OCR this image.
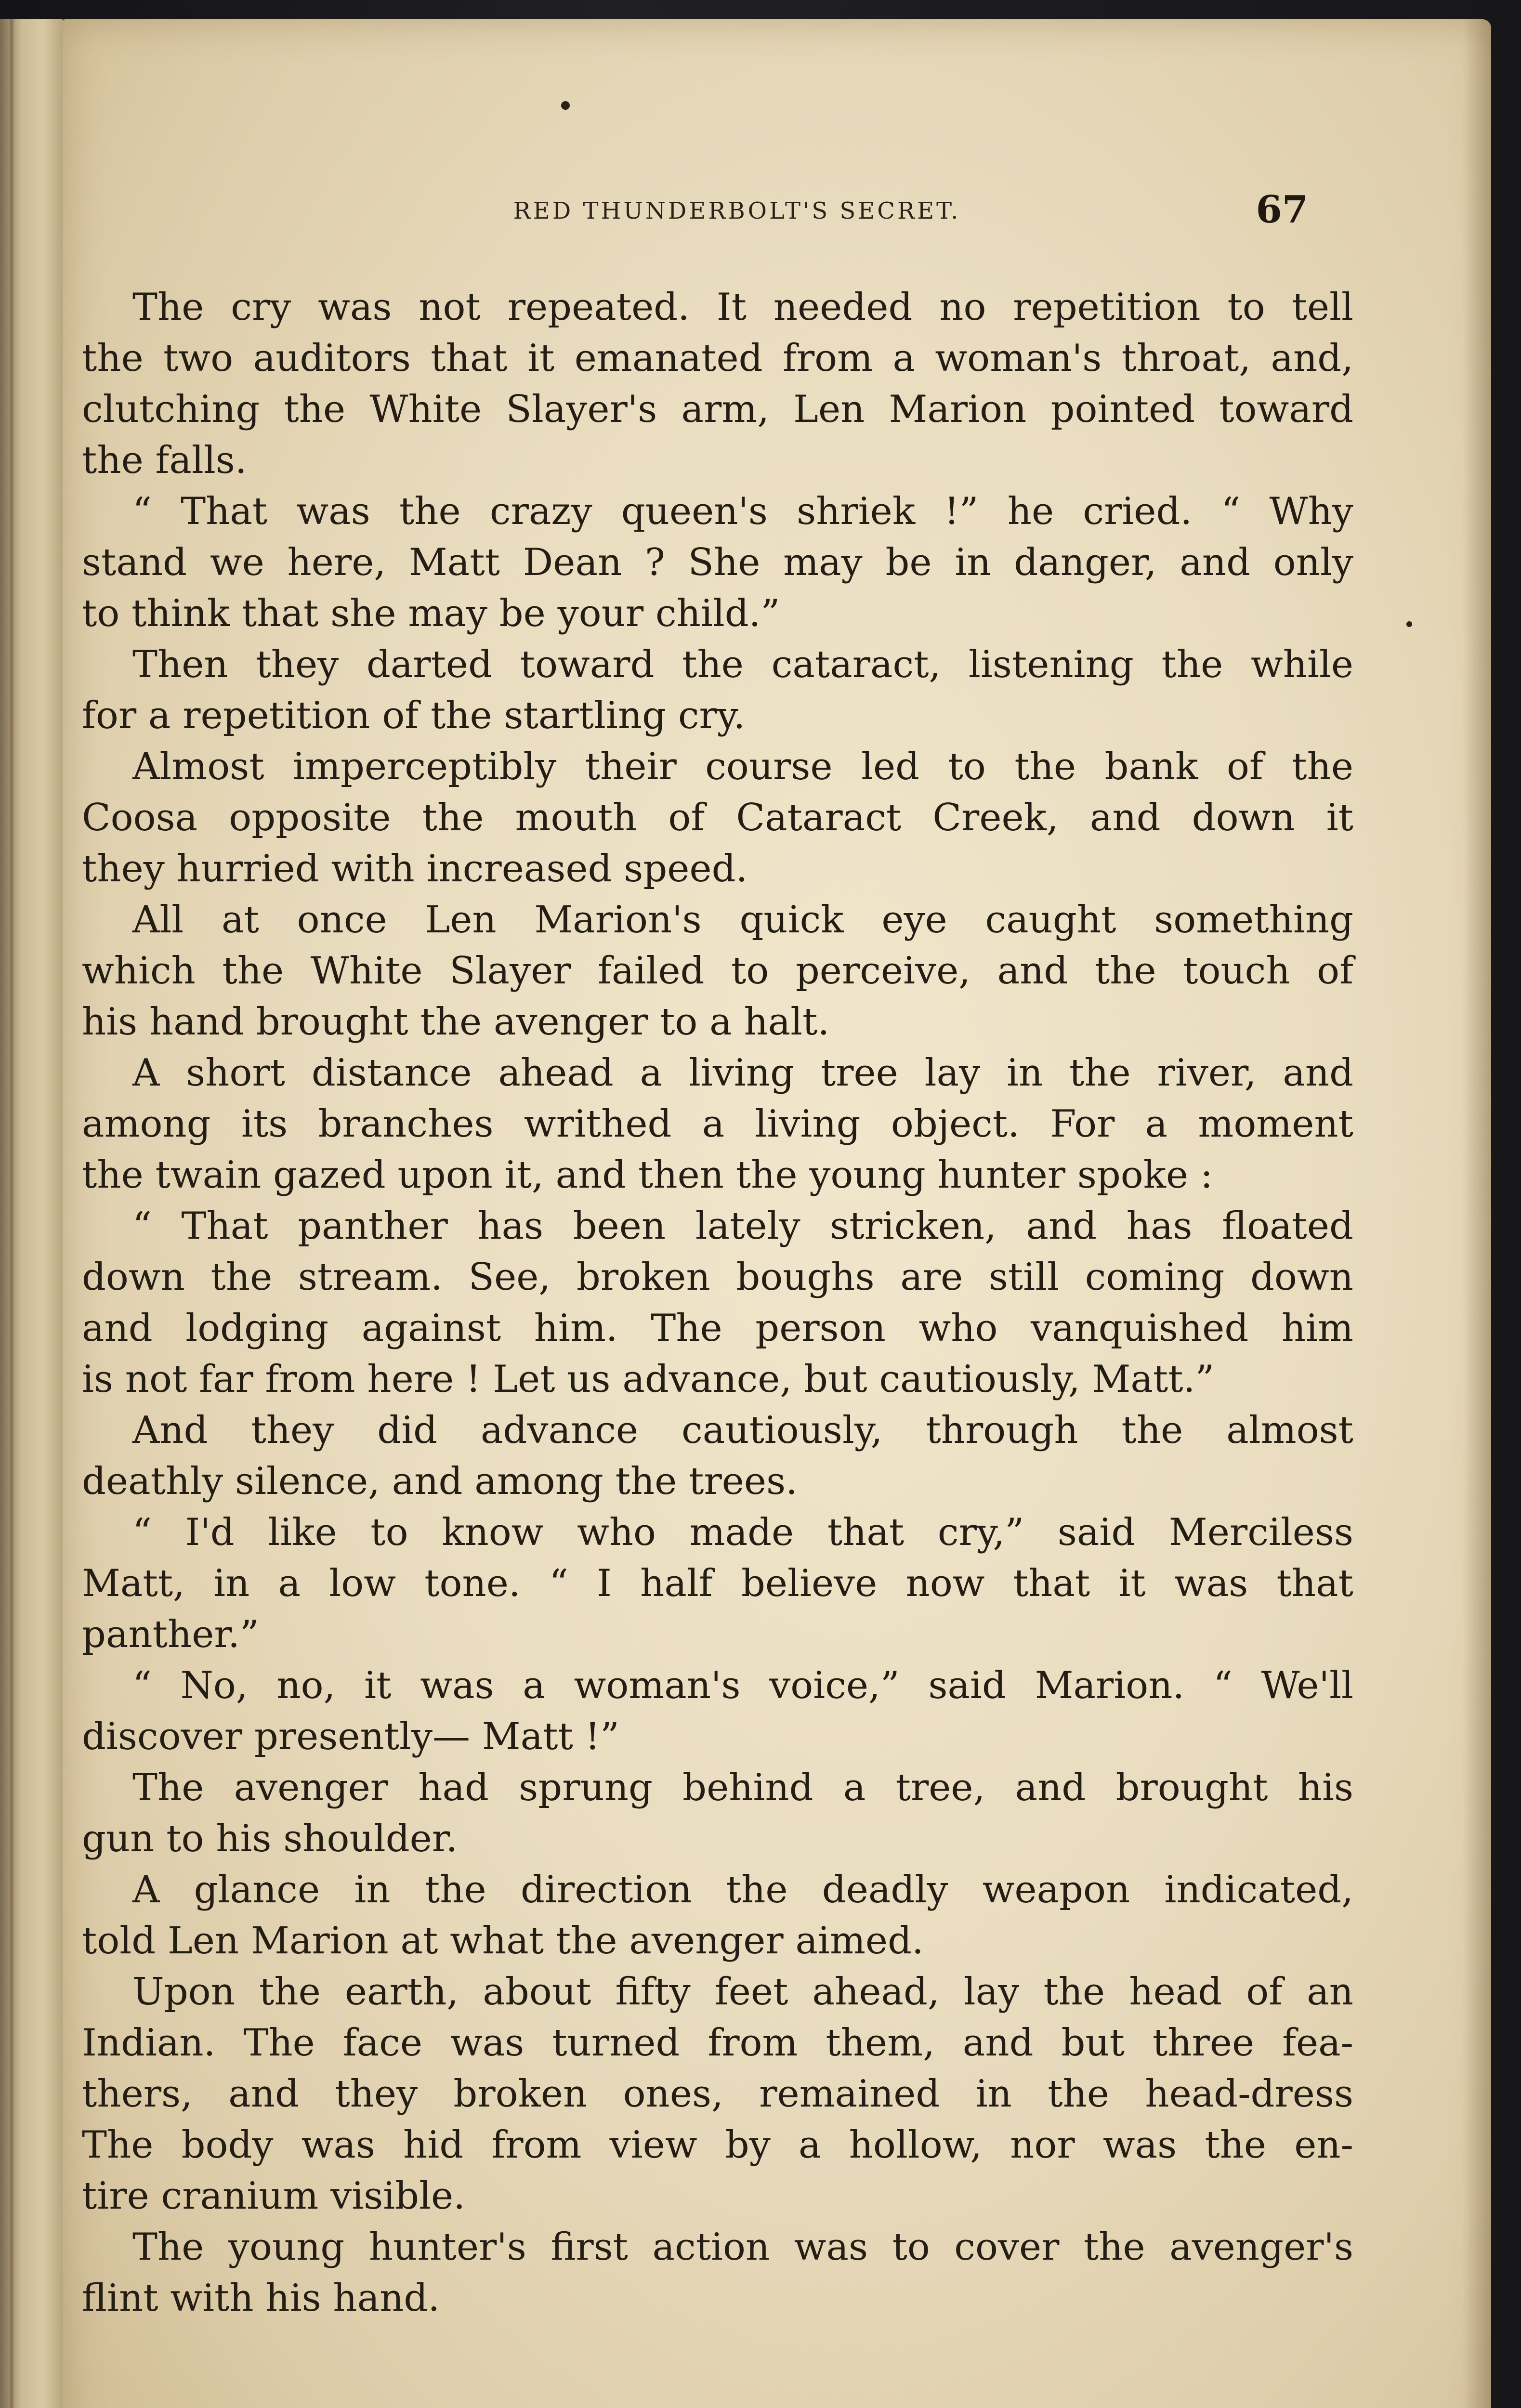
RED THUNDERBOLT'S SECRET.	67
The cry was not repeated. It needed no repetition to tell
the two auditors that it emanated from a woman's throat, and,
clutching the White Slayer's arm, Len Marion pointed toward
the falls.
“ That was the crazy queen's shriek !” he cried. “ Why
stand we here, Matt Dean ? She may be in danger, and only
to think that she may be your child.”
Then they darted toward the cataract, listening the while
for a repetition of the startling cry.
Almost imperceptibly their course led to the bank of the
Coosa opposite the mouth of Cataract Creek, and down it
they hurried with increased speed.
All at once Len Marion's quick eye caught something
which the White Slayer failed to perceive, and the touch of
his hand brought the avenger to a halt.
A short distance ahead a living tree lay in the river, and
among its branches writhed a living object. For a moment
the twain gazed upon it, and then the young hunter spoke :
“ That panther has been lately stricken, and has floated
down the stream. See, broken boughs are still coming down
and lodging against him. The person who vanquished him
is not far from here ! Let us advance, but cautiously, Matt.”
And they did advance cautiously, through the almost
deathly silence, and among the trees.
“ I'd like to know who made that cry,” said Merciless
Matt, in a low tone. “ I half believe now that it was that
panther.”
“ No, no, it was a woman's voice,” said Marion. “ We'll
discover presently— Matt !”
The avenger had sprung behind a tree, and brought his
gun to his shoulder.
A glance in the direction the deadly weapon indicated,
told Len Marion at what the avenger aimed.
Upon the earth, about fifty feet ahead, lay the head of an
Indian. The face was turned from them, and but three fea-
thers, and they broken ones, remained in the head-dress
The body was hid from view by a hollow, nor was the en-
tire cranium visible.
The young hunter's first action was to cover the avenger's
flint with his hand.
